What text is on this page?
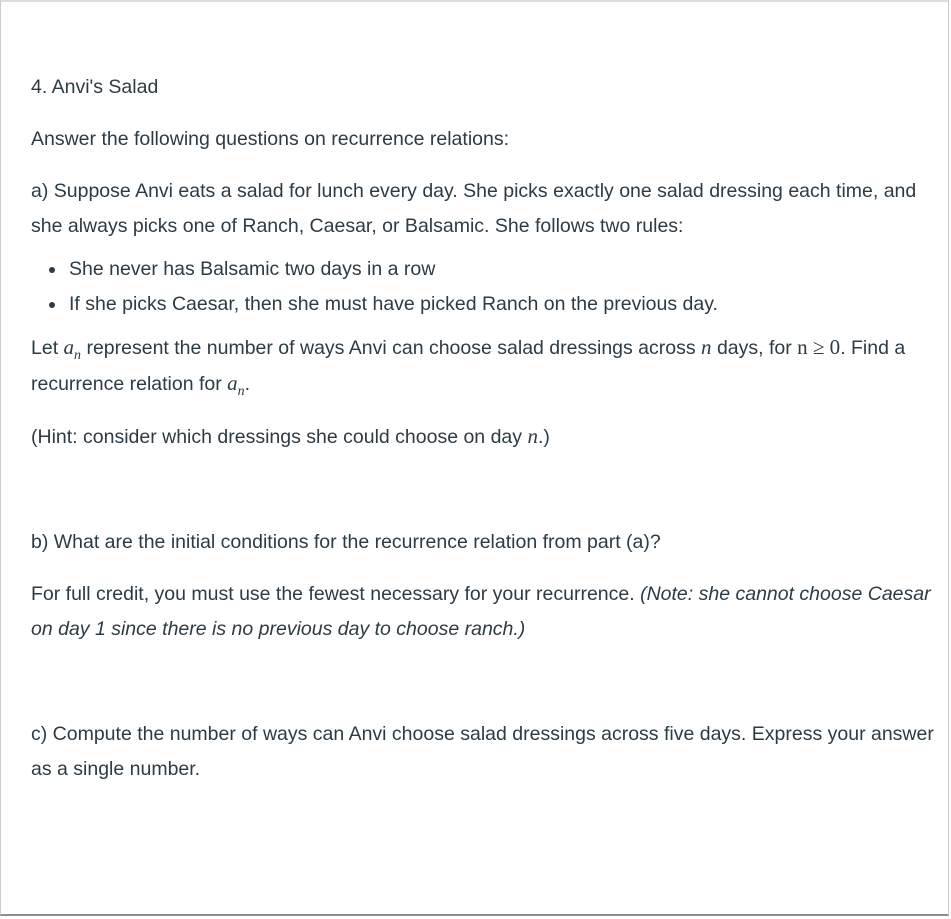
4. Anvi's Salad

Answer the following questions on recurrence relations:

a) Suppose Anvi eats a salad for lunch every day. She picks exactly one salad dressing each time, and she always picks one of Ranch, Caesar, or Balsamic. She follows two rules:

• She never has Balsamic two days in a row
• If she picks Caesar, then she must have picked Ranch on the previous day.

Let $a_n$ represent the number of ways Anvi can choose salad dressings across n days, for n ≥ 0. Find a recurrence relation for $a_n$.

(Hint: consider which dressings she could choose on day n.)

b) What are the initial conditions for the recurrence relation from part (a)?

For full credit, you must use the fewest necessary for your recurrence. (Note: she cannot choose Caesar on day 1 since there is no previous day to choose ranch.)

c) Compute the number of ways can Anvi choose salad dressings across five days. Express your answer as a single number.
